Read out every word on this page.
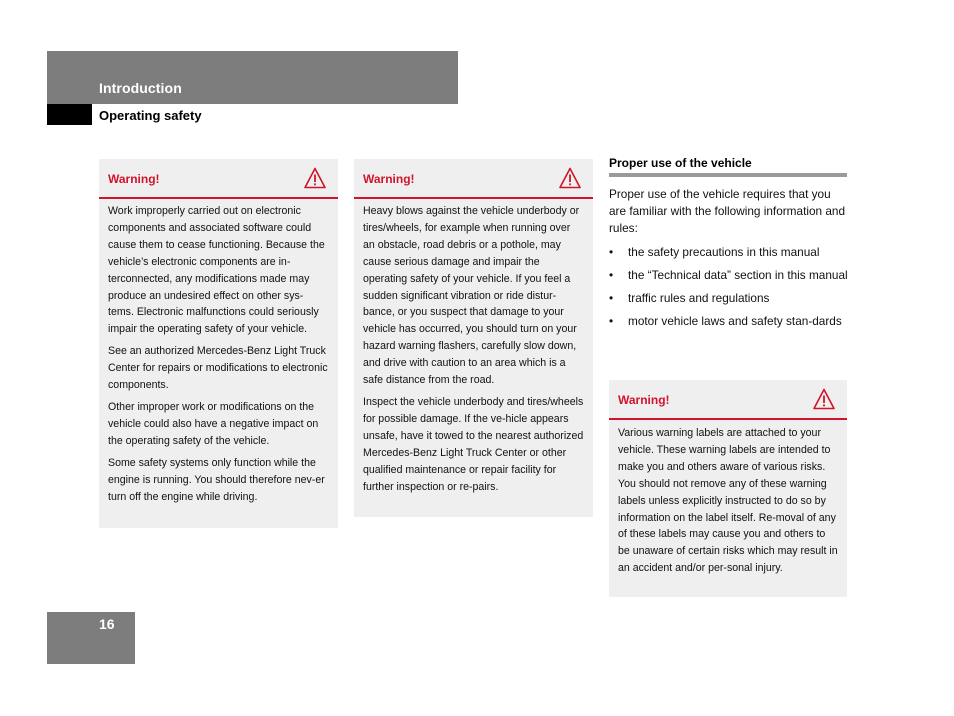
Introduction
Operating safety
Warning!

Work improperly carried out on electronic components and associated software could cause them to cease functioning. Because the vehicle’s electronic components are in-terconnected, any modifications made may produce an undesired effect on other sys-tems. Electronic malfunctions could seriously impair the operating safety of your vehicle.

See an authorized Mercedes-Benz Light Truck Center for repairs or modifications to electronic components.

Other improper work or modifications on the vehicle could also have a negative impact on the operating safety of the vehicle.

Some safety systems only function while the engine is running. You should therefore nev-er turn off the engine while driving.

Warning!

Heavy blows against the vehicle underbody or tires/wheels, for example when running over an obstacle, road debris or a pothole, may cause serious damage and impair the operating safety of your vehicle. If you feel a sudden significant vibration or ride distur-bance, or you suspect that damage to your vehicle has occurred, you should turn on your hazard warning flashers, carefully slow down, and drive with caution to an area which is a safe distance from the road.

Inspect the vehicle underbody and tires/wheels for possible damage. If the ve-hicle appears unsafe, have it towed to the nearest authorized Mercedes-Benz Light Truck Center or other qualified maintenance or repair facility for further inspection or re-pairs.

Proper use of the vehicle

Proper use of the vehicle requires that you are familiar with the following information and rules:

• the safety precautions in this manual
• the “Technical data” section in this manual
• traffic rules and regulations
• motor vehicle laws and safety stan-dards
Warning!

Various warning labels are attached to your vehicle. These warning labels are intended to make you and others aware of various risks. You should not remove any of these warning labels unless explicitly instructed to do so by information on the label itself. Re-moval of any of these labels may cause you and others to be unaware of certain risks which may result in an accident and/or per-sonal injury.

16
